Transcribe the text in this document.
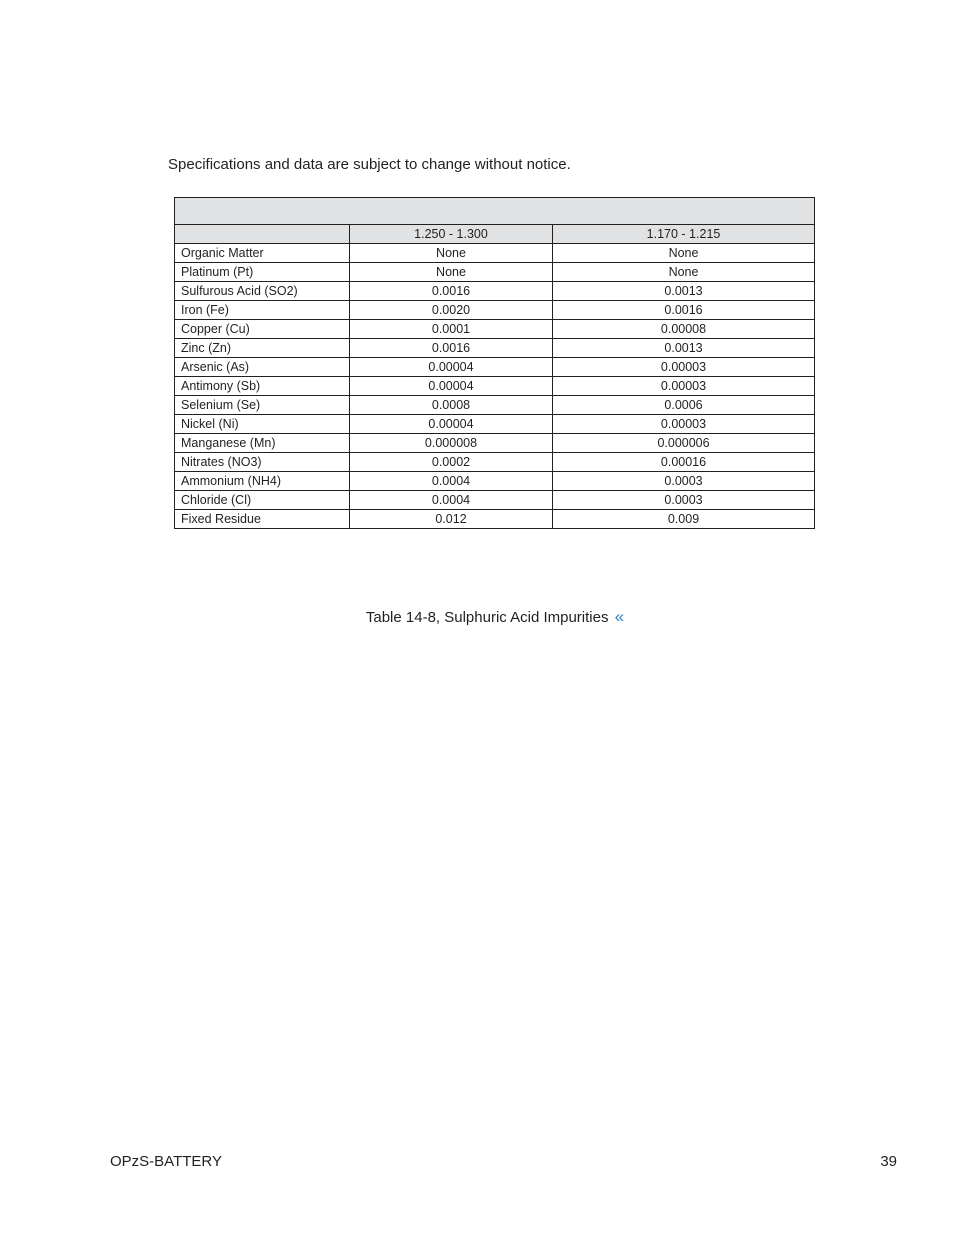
Specifications and data are subject to change without notice.

	1.250 - 1.300	1.170 - 1.215
Organic Matter	None	None
Platinum (Pt)	None	None
Sulfurous Acid (SO2)	0.0016	0.0013
Iron (Fe)	0.0020	0.0016
Copper (Cu)	0.0001	0.00008
Zinc (Zn)	0.0016	0.0013
Arsenic (As)	0.00004	0.00003
Antimony (Sb)	0.00004	0.00003
Selenium (Se)	0.0008	0.0006
Nickel (Ni)	0.00004	0.00003
Manganese (Mn)	0.000008	0.000006
Nitrates (NO3)	0.0002	0.00016
Ammonium (NH4)	0.0004	0.0003
Chloride (Cl)	0.0004	0.0003
Fixed Residue	0.012	0.009
Table 14-8, Sulphuric Acid Impurities «
OPzS-BATTERY	39
